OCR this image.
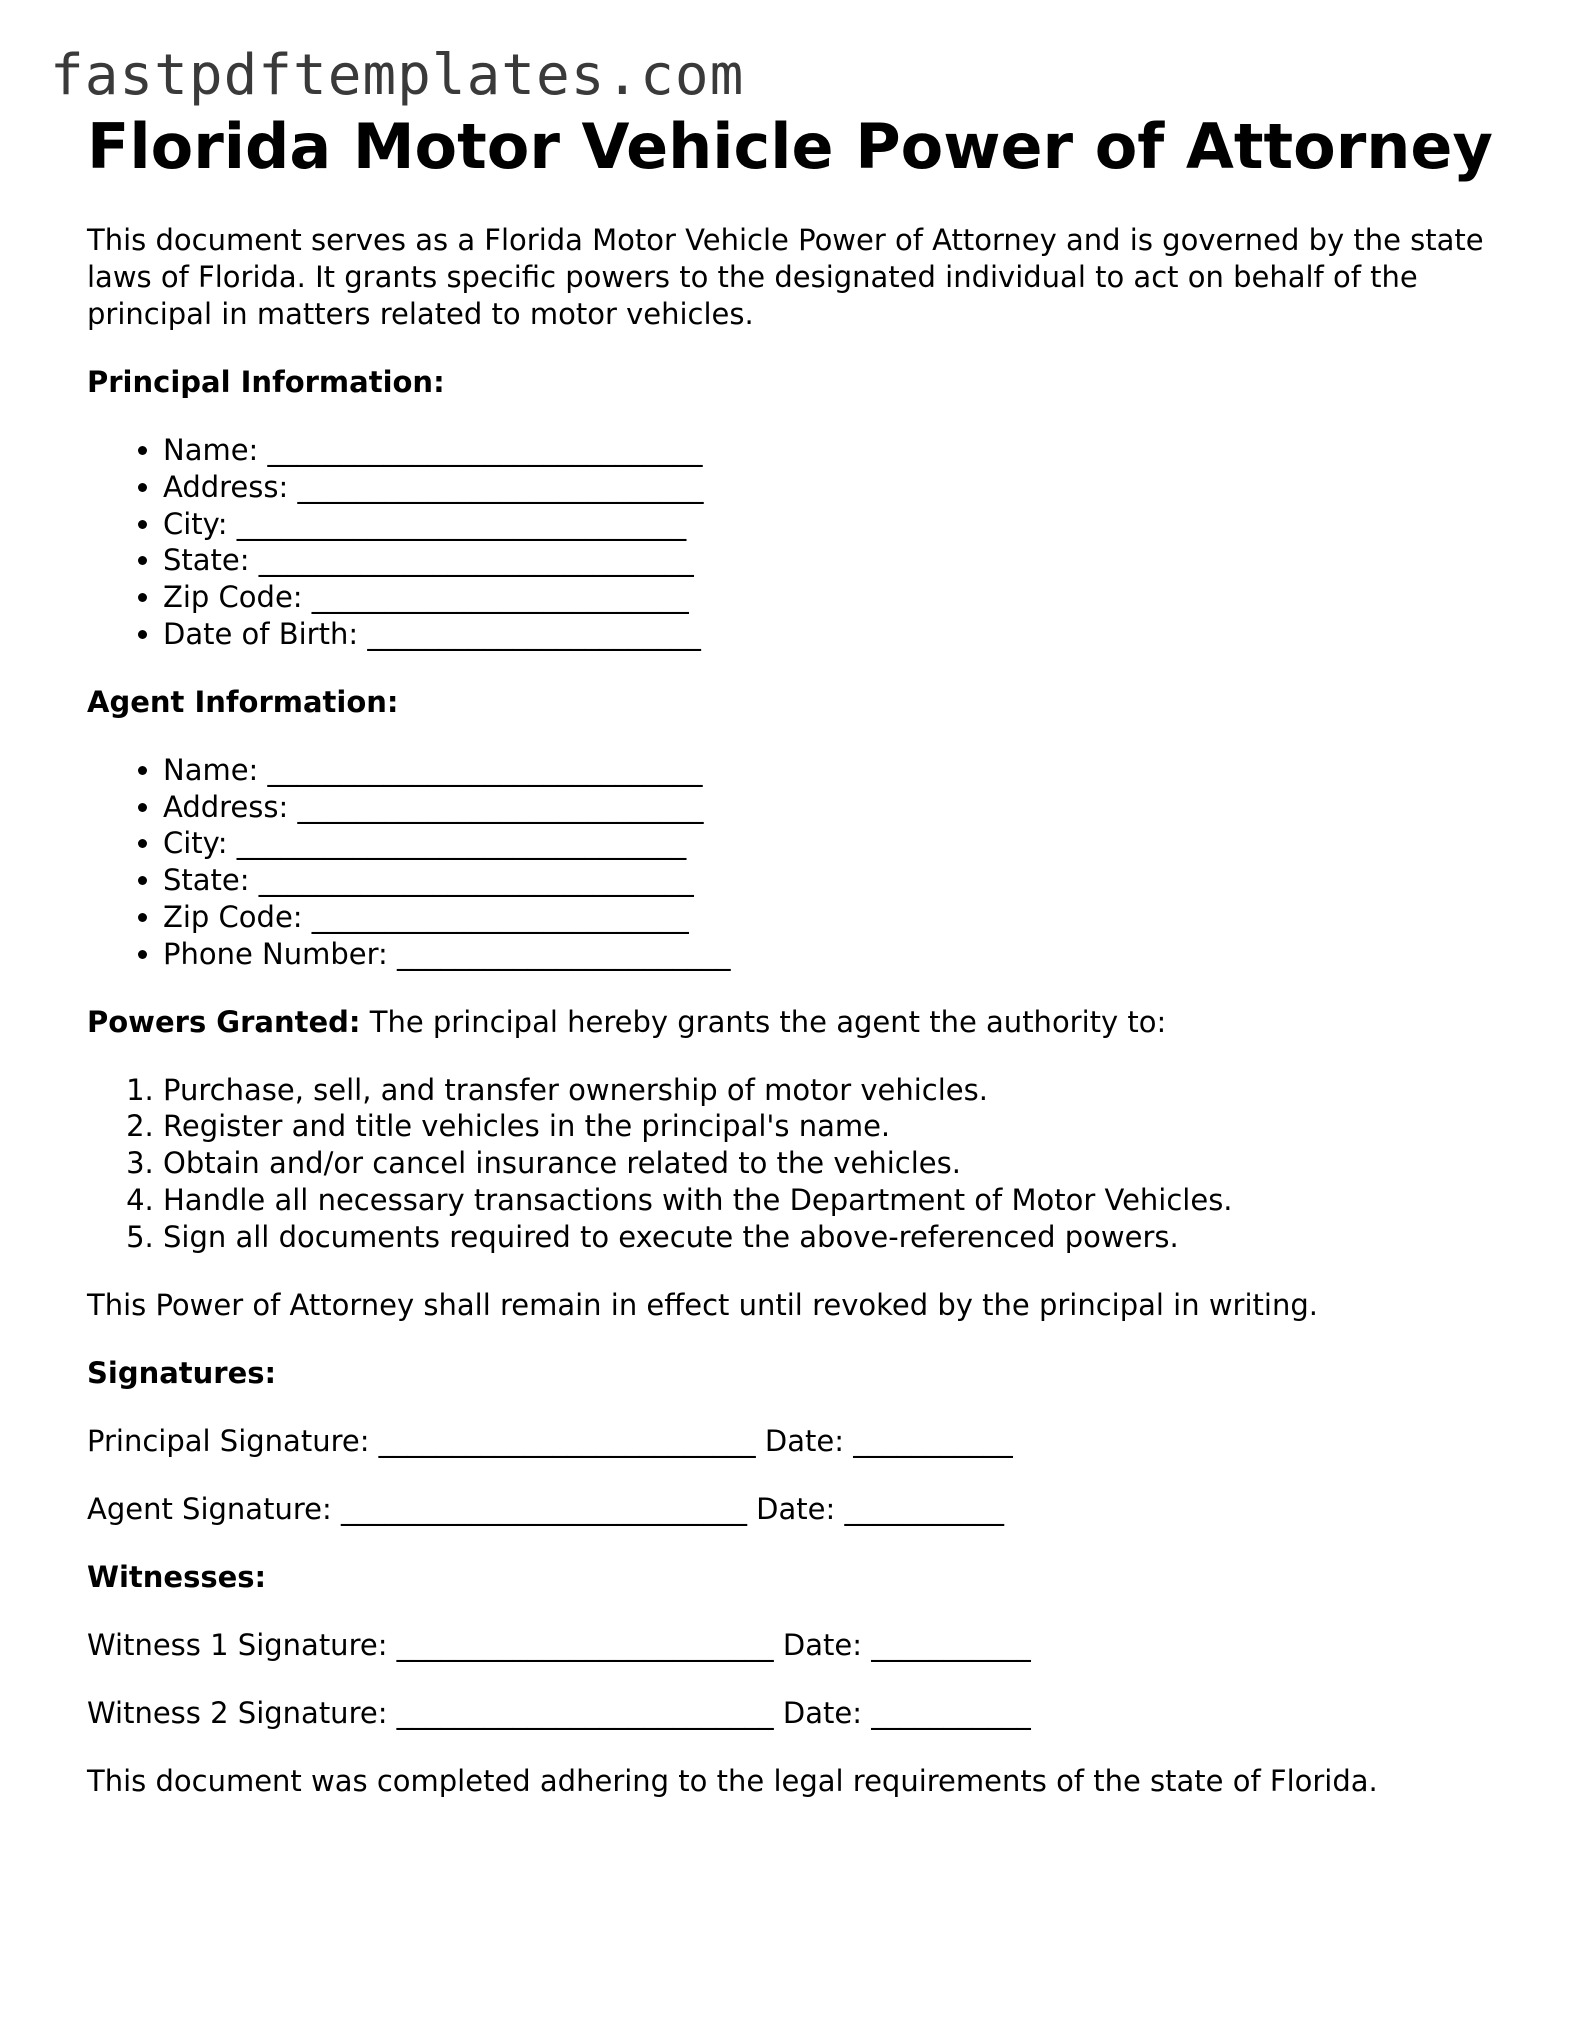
fastpdftemplates.com
Florida Motor Vehicle Power of Attorney

This document serves as a Florida Motor Vehicle Power of Attorney and is governed by the state laws of Florida. It grants specific powers to the designated individual to act on behalf of the principal in matters related to motor vehicles.

Principal Information:

• Name: ______________________________
• Address: ____________________________
• City: _______________________________
• State: ______________________________
• Zip Code: __________________________
• Date of Birth: _______________________

Agent Information:

• Name: ______________________________
• Address: ____________________________
• City: _______________________________
• State: ______________________________
• Zip Code: __________________________
• Phone Number: _______________________

Powers Granted: The principal hereby grants the agent the authority to:

1. Purchase, sell, and transfer ownership of motor vehicles.
2. Register and title vehicles in the principal's name.
3. Obtain and/or cancel insurance related to the vehicles.
4. Handle all necessary transactions with the Department of Motor Vehicles.
5. Sign all documents required to execute the above-referenced powers.

This Power of Attorney shall remain in effect until revoked by the principal in writing.

Signatures:

Principal Signature: __________________________ Date: ___________

Agent Signature: ____________________________ Date: ___________

Witnesses:

Witness 1 Signature: __________________________ Date: ___________

Witness 2 Signature: __________________________ Date: ___________

This document was completed adhering to the legal requirements of the state of Florida.
